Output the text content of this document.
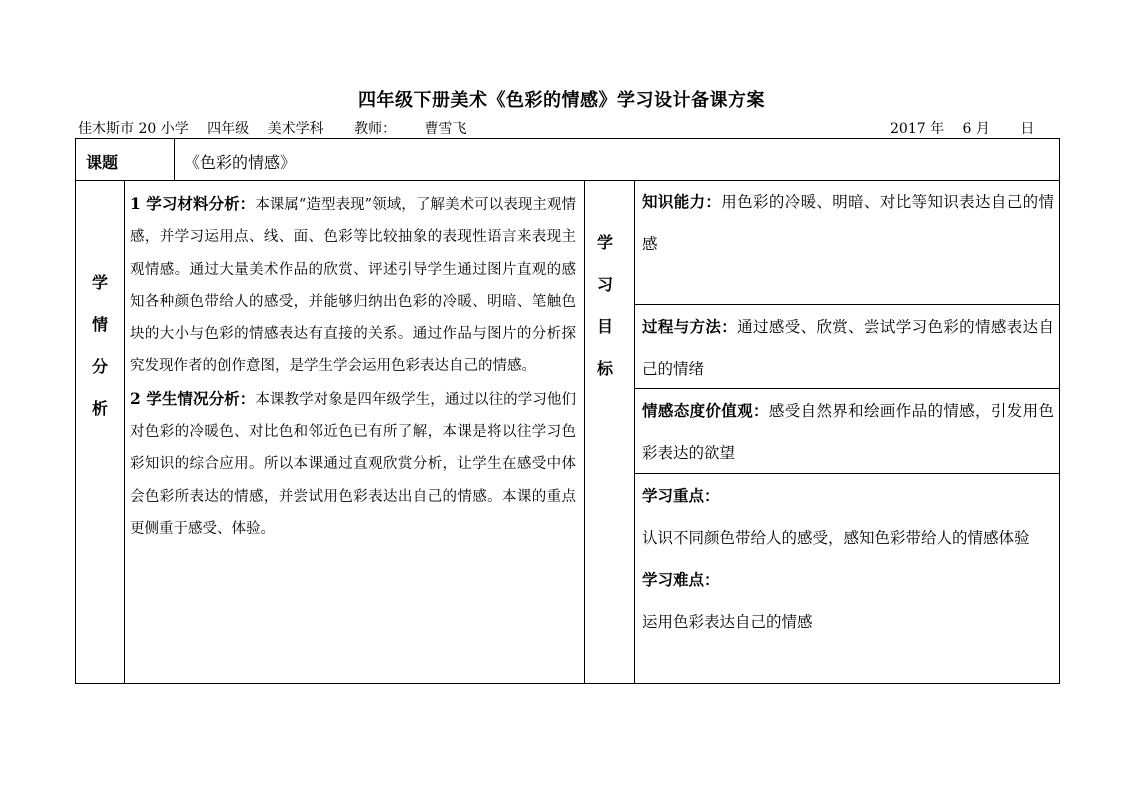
四年级下册美术《色彩的情感》学习设计备课方案
佳木斯市 20 小学 四年级 美术学科 教师： 曹雪飞	2017 年 6 月 日
课题	《色彩的情感》
学
情
分
析

1 学习材料分析：本课属“造型表现”领域，了解美术可以表现主观情感，并学习运用点、线、面、色彩等比较抽象的表现性语言来表现主观情感。通过大量美术作品的欣赏、评述引导学生通过图片直观的感知各种颜色带给人的感受，并能够归纳出色彩的冷暖、明暗、笔触色块的大小与色彩的情感表达有直接的关系。通过作品与图片的分析探究发现作者的创作意图，是学生学会运用色彩表达自己的情感。

2 学生情况分析：本课教学对象是四年级学生，通过以往的学习他们对色彩的冷暖色、对比色和邻近色已有所了解，本课是将以往学习色彩知识的综合应用。所以本课通过直观欣赏分析，让学生在感受中体会色彩所表达的情感，并尝试用色彩表达出自己的情感。本课的重点更侧重于感受、体验。

学
习
目
标
知识能力：用色彩的冷暖、明暗、对比等知识表达自己的情感
过程与方法：通过感受、欣赏、尝试学习色彩的情感表达自己的情绪
情感态度价值观：感受自然界和绘画作品的情感，引发用色彩表达的欲望
学习重点：
认识不同颜色带给人的感受，感知色彩带给人的情感体验
学习难点：
运用色彩表达自己的情感
